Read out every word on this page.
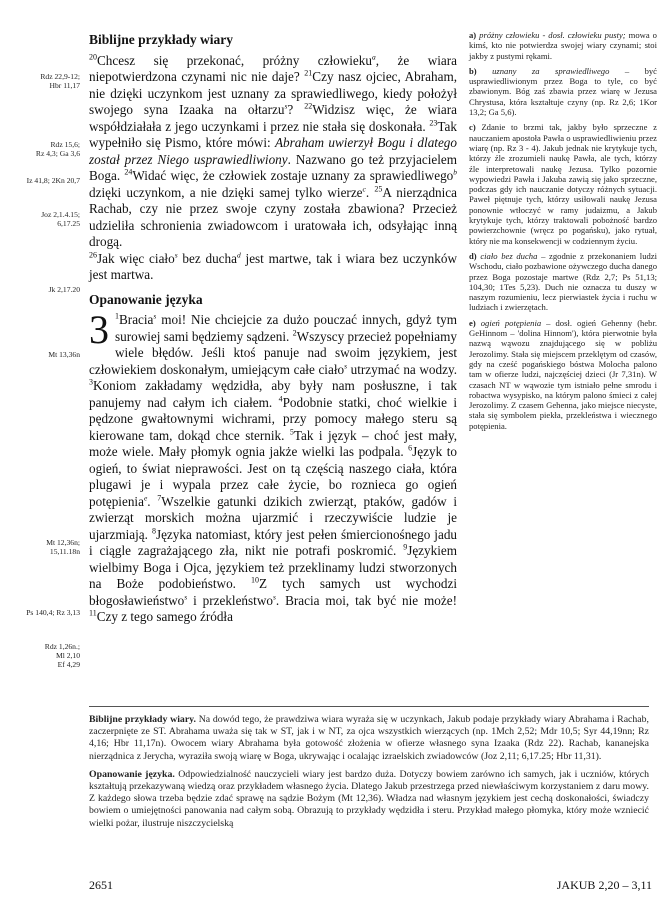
Biblijne przykłady wiary

$^{20}$Chcesz się przekonać, próżny człowieku$^a$, że wiara niepotwierdzona czynami nic nie daje? $^{21}$Czy nasz ojciec, Abraham, nie dzięki uczynkom jest uznany za sprawiedliwego, kiedy położył swojego syna Izaaka na ołtarzu$^s$? $^{22}$Widzisz więc, że wiara współdziałała z jego uczynkami i przez nie stała się doskonała. $^{23}$Tak wypełniło się Pismo, które mówi: Abraham uwierzył Bogu i dlatego został przez Niego usprawiedliwiony. Nazwano go też przyjacielem Boga. $^{24}$Widać więc, że człowiek zostaje uznany za sprawiedliwego$^b$ dzięki uczynkom, a nie dzięki samej tylko wierze$^c$. $^{25}$A nierządnica Rachab, czy nie przez swoje czyny została zbawiona? Przecież udzieliła schronienia zwiadowcom i uratowała ich, odsyłając inną drogą.

$^{26}$Jak więc ciało$^s$ bez ducha$^d$ jest martwe, tak i wiara bez uczynków jest martwa.

Opanowanie języka

3 $^1$Bracia$^s$ moi! Nie chciejcie za dużo pouczać innych, gdyż tym surowiej sami będziemy sądzeni. $^2$Wszyscy przecież popełniamy wiele błędów. Jeśli ktoś panuje nad swoim językiem, jest człowiekiem doskonałym, umiejącym całe ciało$^s$ utrzymać na wodzy. $^3$Koniom zakładamy wędzidła, aby były nam posłuszne, i tak panujemy nad całym ich ciałem. $^4$Podobnie statki, choć wielkie i pędzone gwałtownymi wichrami, przy pomocy małego steru są kierowane tam, dokąd chce sternik. $^5$Tak i język – choć jest mały, może wiele. Mały płomyk ognia jakże wielki las podpala. $^6$Język to ogień, to świat nieprawości. Jest on tą częścią naszego ciała, która plugawi je i wypala przez całe życie, bo roznieca go ogień potępienia$^e$. $^7$Wszelkie gatunki dzikich zwierząt, ptaków, gadów i zwierząt morskich można ujarzmić i rzeczywiście ludzie je ujarzmiają. $^8$Języka natomiast, który jest pełen śmiercionośnego jadu i ciągle zagrażającego zła, nikt nie potrafi poskromić. $^9$Językiem wielbimy Boga i Ojca, językiem też przeklinamy ludzi stworzonych na Boże podobieństwo. $^{10}$Z tych samych ust wychodzi błogosławieństwo$^s$ i przekleństwo$^s$. Bracia moi, tak być nie może! $^{11}$Czy z tego samego źródła

Rdz 22,9-12;
Hbr 11,17
Rdz 15,6;
Rz 4,3; Ga 3,6
Iz 41,8; 2Kn 20,7
Joz 2,1.4.15;
6,17.25
Jk 2,17.20
Mt 13,36n
Mt 12,36n;
15,11.18n
Ps 140,4; Rz 3,13
Rdz 1,26n.;
Ml 2,10
Ef 4,29

a) próżny człowieku - dosł. człowieku pusty; mowa o kimś, kto nie potwierdza swojej wiary czynami; stoi jakby z pustymi rękami.

b) uznany za sprawiedliwego – być usprawiedliwionym przez Boga to tyle, co być zbawionym. Bóg zaś zbawia przez wiarę w Jezusa Chrystusa, która kształtuje czyny (np. Rz 2,6; 1Kor 13,2; Ga 5,6).

c) Zdanie to brzmi tak, jakby było sprzeczne z nauczaniem apostoła Pawła o usprawiedliwieniu przez wiarę (np. Rz 3 - 4). Jakub jednak nie krytykuje tych, którzy źle zrozumieli naukę Pawła, ale tych, którzy źle interpretowali naukę Jezusa. Tylko pozornie wypowiedzi Pawła i Jakuba zawią się jako sprzeczne, podczas gdy ich nauczanie dotyczy różnych sytuacji. Paweł piętnuje tych, którzy usiłowali naukę Jezusa ponownie wtłoczyć w ramy judaizmu, a Jakub krytykuje tych, którzy traktowali pobożność bardzo powierzchownie (wręcz po pogańsku), jako rytuał, który nie ma konsekwencji w codziennym życiu.

d) ciało bez ducha – zgodnie z przekonaniem ludzi Wschodu, ciało pozbawione ożywczego ducha danego przez Boga pozostaje martwe (Rdz 2,7; Ps 51,13; 104,30; 1Tes 5,23). Duch nie oznacza tu duszy w naszym rozumieniu, lecz pierwiastek życia i ruchu w ludziach i zwierzętach.

e) ogień potępienia – dosł. ogień Gehenny (hebr. GeHinnom – 'dolina Hinnom'), która pierwotnie była nazwą wąwozu znajdującego się w pobliżu Jerozolimy. Stała się miejscem przeklętym od czasów, gdy na cześć pogańskiego bóstwa Molocha palono tam w ofierze ludzi, najczęściej dzieci (Jr 7,31n). W czasach NT w wąwozie tym istniało pełne smrodu i robactwa wysypisko, na którym palono śmieci z całej Jerozolimy. Z czasem Gehenna, jako miejsce niecyste, stała się symbolem piekła, przekleństwa i wiecznego potępienia.

Biblijne przykłady wiary. Na dowód tego, że prawdziwa wiara wyraża się w uczynkach, Jakub podaje przykłady wiary Abrahama i Rachab, zaczerpnięte ze ST. Abrahama uważa się tak w ST, jak i w NT, za ojca wszystkich wierzących (np. 1Mch 2,52; Mdr 10,5; Syr 44,19nn; Rz 4,16; Hbr 11,17n). Owocem wiary Abrahama była gotowość złożenia w ofierze własnego syna Izaaka (Rdz 22). Rachab, kananejska nierządnica z Jerycha, wyraziła swoją wiarę w Boga, ukrywając i ocalając izraelskich zwiadowców (Joz 2,11; 6,17.25; Hbr 11,31).

Opanowanie języka. Odpowiedzialność nauczycieli wiary jest bardzo duża. Dotyczy bowiem zarówno ich samych, jak i uczniów, których kształtują przekazywaną wiedzą oraz przykładem własnego życia. Dlatego Jakub przestrzega przed niewłaściwym korzystaniem z daru mowy. Z każdego słowa trzeba będzie zdać sprawę na sądzie Bożym (Mt 12,36). Władza nad własnym językiem jest cechą doskonałości, świadczy bowiem o umiejętności panowania nad całym sobą. Obrazują to przykłady wędzidła i steru. Przykład małego płomyka, który może wzniecić wielki pożar, ilustruje niszczycielską

2651	JAKUB 2,20 – 3,11
